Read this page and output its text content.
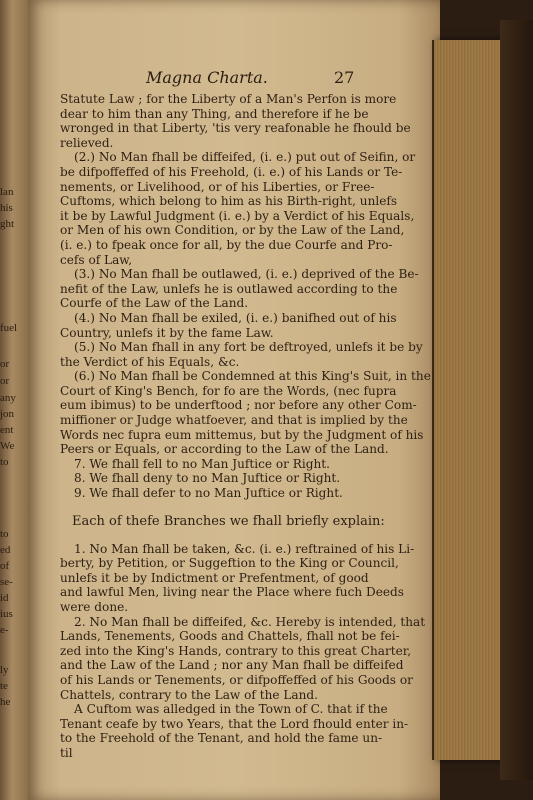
lan
his
ght
fuel
or
or
any
jon
ent
We
to
to
ed
of
se-
id
ius
e-
ly
te
he
Magna Charta.	27
Statute Law ; for the Liberty of a Man's Perfon is more
dear to him than any Thing, and therefore if he be
wronged in that Liberty, 'tis very reafonable he fhould be
relieved.
(2.) No Man fhall be diffeifed, (i. e.) put out of Seifin, or
be difpoffeffed of his Freehold, (i. e.) of his Lands or Te-
nements, or Livelihood, or of his Liberties, or Free-
Cuftoms, which belong to him as his Birth-right, unlefs
it be by Lawful Judgment (i. e.) by a Verdict of his Equals,
or Men of his own Condition, or by the Law of the Land,
(i. e.) to fpeak once for all, by the due Courfe and Pro-
cefs of Law,
(3.) No Man fhall be outlawed, (i. e.) deprived of the Be-
nefit of the Law, unlefs he is outlawed according to the
Courfe of the Law of the Land.
(4.) No Man fhall be exiled, (i. e.) banifhed out of his
Country, unlefs it by the fame Law.
(5.) No Man fhall in any fort be deftroyed, unlefs it be by
the Verdict of his Equals, &c.
(6.) No Man fhall be Condemned at this King's Suit, in the
Court of King's Bench, for fo are the Words, (nec fupra
eum ibimus) to be underftood ; nor before any other Com-
miffioner or Judge whatfoever, and that is implied by the
Words nec fupra eum mittemus, but by the Judgment of his
Peers or Equals, or according to the Law of the Land.
7. We fhall fell to no Man Juftice or Right.
8. We fhall deny to no Man Juftice or Right.
9. We fhall defer to no Man Juftice or Right.
Each of thefe Branches we fhall briefly explain:
1. No Man fhall be taken, &c. (i. e.) reftrained of his Li-
berty, by Petition, or Suggeftion to the King or Council,
unlefs it be by Indictment or Prefentment, of good
and lawful Men, living near the Place where fuch Deeds
were done.
2. No Man fhall be diffeifed, &c. Hereby is intended, that
Lands, Tenements, Goods and Chattels, fhall not be fei-
zed into the King's Hands, contrary to this great Charter,
and the Law of the Land ; nor any Man fhall be diffeifed
of his Lands or Tenements, or difpoffeffed of his Goods or
Chattels, contrary to the Law of the Land.
A Cuftom was alledged in the Town of C. that if the
Tenant ceafe by two Years, that the Lord fhould enter in-
to the Freehold of the Tenant, and hold the fame un-
til
